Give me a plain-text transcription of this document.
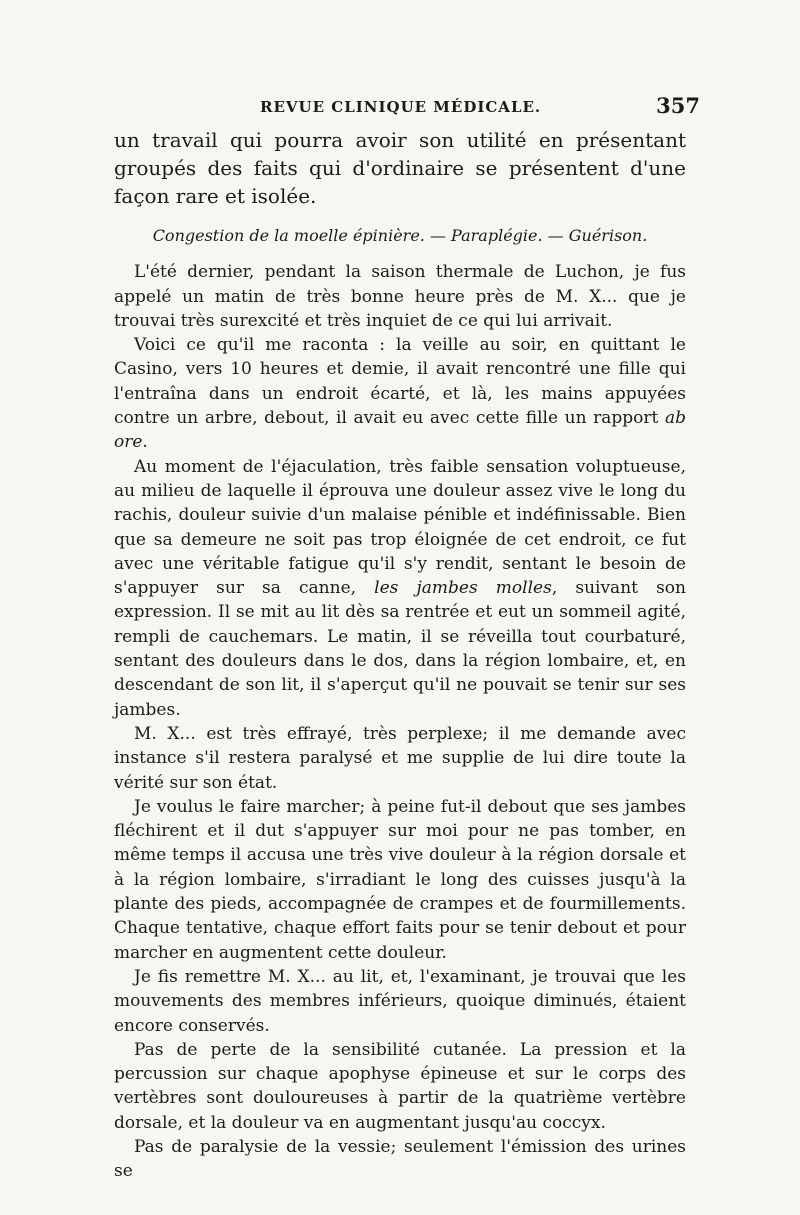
REVUE CLINIQUE MÉDICALE.	357

un travail qui pourra avoir son utilité en présentant groupés des faits qui d'ordinaire se présentent d'une façon rare et isolée.

Congestion de la moelle épinière. — Paraplégie. — Guérison.

L'été dernier, pendant la saison thermale de Luchon, je fus appelé un matin de très bonne heure près de M. X... que je trouvai très surexcité et très inquiet de ce qui lui arrivait.

Voici ce qu'il me raconta : la veille au soir, en quittant le Casino, vers 10 heures et demie, il avait rencontré une fille qui l'entraîna dans un endroit écarté, et là, les mains appuyées contre un arbre, debout, il avait eu avec cette fille un rapport ab ore.

Au moment de l'éjaculation, très faible sensation voluptueuse, au milieu de laquelle il éprouva une douleur assez vive le long du rachis, douleur suivie d'un malaise pénible et indéfinissable. Bien que sa demeure ne soit pas trop éloignée de cet endroit, ce fut avec une véritable fatigue qu'il s'y rendit, sentant le besoin de s'appuyer sur sa canne, les jambes molles, suivant son expression. Il se mit au lit dès sa rentrée et eut un sommeil agité, rempli de cauchemars. Le matin, il se réveilla tout courbaturé, sentant des douleurs dans le dos, dans la région lombaire, et, en descendant de son lit, il s'aperçut qu'il ne pouvait se tenir sur ses jambes.

M. X... est très effrayé, très perplexe; il me demande avec instance s'il restera paralysé et me supplie de lui dire toute la vérité sur son état.

Je voulus le faire marcher; à peine fut-il debout que ses jambes fléchirent et il dut s'appuyer sur moi pour ne pas tomber, en même temps il accusa une très vive douleur à la région dorsale et à la région lombaire, s'irradiant le long des cuisses jusqu'à la plante des pieds, accompagnée de crampes et de fourmillements. Chaque tentative, chaque effort faits pour se tenir debout et pour marcher en augmentent cette douleur.

Je fis remettre M. X... au lit, et, l'examinant, je trouvai que les mouvements des membres inférieurs, quoique diminués, étaient encore conservés.

Pas de perte de la sensibilité cutanée. La pression et la percussion sur chaque apophyse épineuse et sur le corps des vertèbres sont douloureuses à partir de la quatrième vertèbre dorsale, et la douleur va en augmentant jusqu'au coccyx.

Pas de paralysie de la vessie; seulement l'émission des urines se
